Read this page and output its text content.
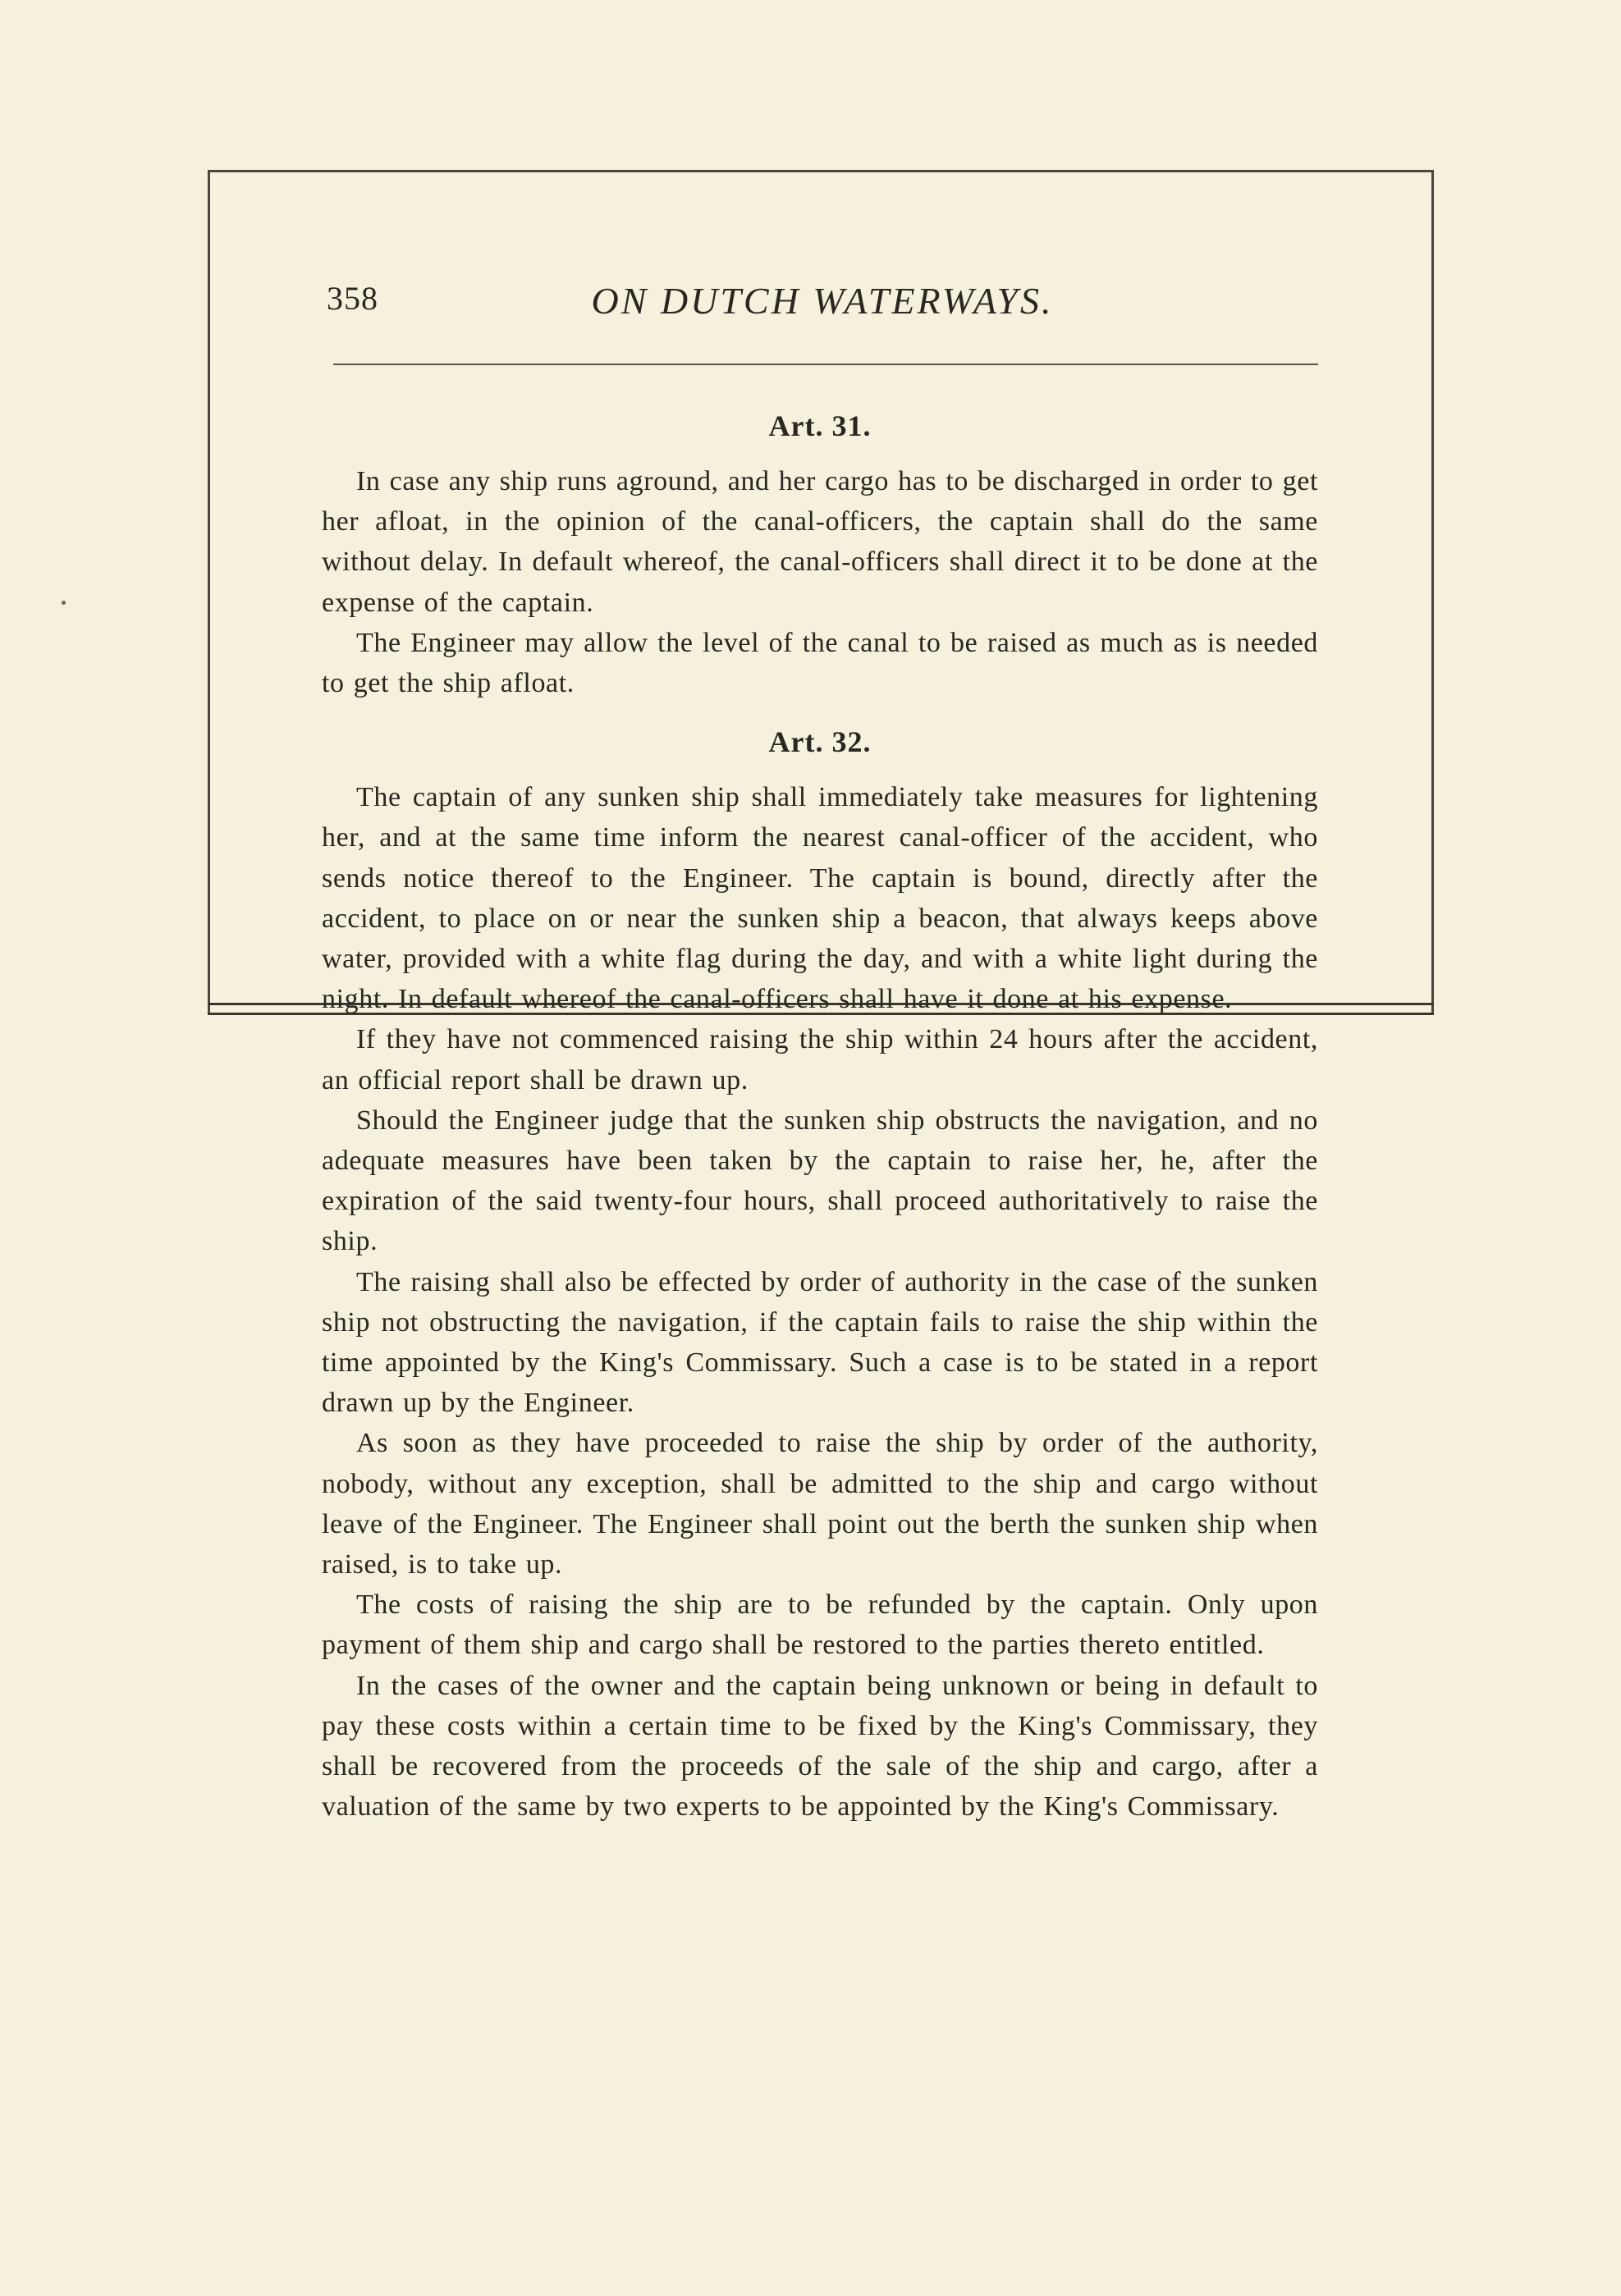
358	ON DUTCH WATERWAYS.
Art. 31.

In case any ship runs aground, and her cargo has to be discharged in order to get her afloat, in the opinion of the canal-officers, the captain shall do the same without delay. In default whereof, the canal-officers shall direct it to be done at the expense of the captain.

The Engineer may allow the level of the canal to be raised as much as is needed to get the ship afloat.

Art. 32.

The captain of any sunken ship shall immediately take measures for lightening her, and at the same time inform the nearest canal-officer of the accident, who sends notice thereof to the Engineer. The captain is bound, directly after the accident, to place on or near the sunken ship a beacon, that always keeps above water, provided with a white flag during the day, and with a white light during the night. In default whereof the canal-officers shall have it done at his expense.

If they have not commenced raising the ship within 24 hours after the accident, an official report shall be drawn up.

Should the Engineer judge that the sunken ship obstructs the navigation, and no adequate measures have been taken by the captain to raise her, he, after the expiration of the said twenty-four hours, shall proceed authoritatively to raise the ship.

The raising shall also be effected by order of authority in the case of the sunken ship not obstructing the navigation, if the captain fails to raise the ship within the time appointed by the King's Commissary. Such a case is to be stated in a report drawn up by the Engineer.

As soon as they have proceeded to raise the ship by order of the authority, nobody, without any exception, shall be admitted to the ship and cargo without leave of the Engineer. The Engineer shall point out the berth the sunken ship when raised, is to take up.

The costs of raising the ship are to be refunded by the captain. Only upon payment of them ship and cargo shall be restored to the parties thereto entitled.

In the cases of the owner and the captain being unknown or being in default to pay these costs within a certain time to be fixed by the King's Commissary, they shall be recovered from the proceeds of the sale of the ship and cargo, after a valuation of the same by two experts to be appointed by the King's Commissary.
